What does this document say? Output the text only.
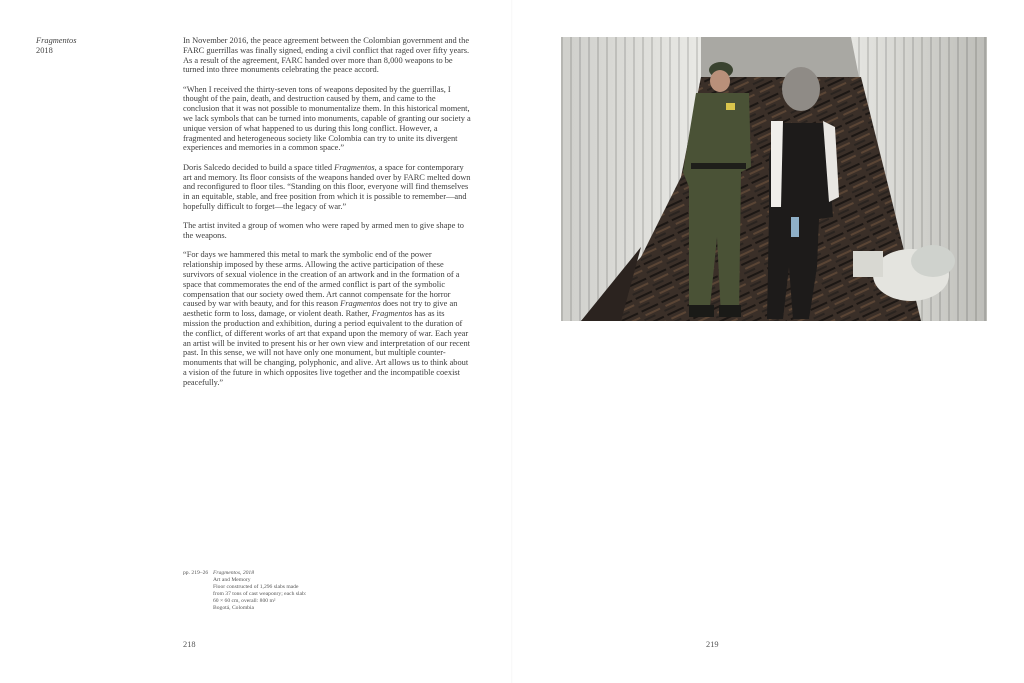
Fragmentos
2018

In November 2016, the peace agreement between the Colombian government and the FARC guerrillas was finally signed, ending a civil conflict that raged over fifty years. As a result of the agreement, FARC handed over more than 8,000 weapons to be turned into three monuments celebrating the peace accord.

“When I received the thirty-seven tons of weapons deposited by the guerrillas, I thought of the pain, death, and destruction caused by them, and came to the conclusion that it was not possible to monumentalize them. In this historical moment, we lack symbols that can be turned into monuments, capable of granting our society a unique version of what happened to us during this long conflict. However, a fragmented and heterogeneous society like Colombia can try to unite its divergent experiences and memories in a common space.”

Doris Salcedo decided to build a space titled Fragmentos, a space for contemporary art and memory. Its floor consists of the weapons handed over by FARC melted down and reconfigured to floor tiles. “Standing on this floor, everyone will find themselves in an equitable, stable, and free position from which it is possible to remember—and hopefully difficult to forget—the legacy of war.”

The artist invited a group of women who were raped by armed men to give shape to the weapons.

“For days we hammered this metal to mark the symbolic end of the power relationship imposed by these arms. Allowing the active participation of these survivors of sexual violence in the creation of an artwork and in the formation of a space that commemorates the end of the armed conflict is part of the symbolic compensation that our society owed them. Art cannot compensate for the horror caused by war with beauty, and for this reason Fragmentos does not try to give an aesthetic form to loss, damage, or violent death. Rather, Fragmentos has as its mission the production and exhibition, during a period equivalent to the duration of the conflict, of different works of art that expand upon the memory of war. Each year an artist will be invited to present his or her own view and interpretation of our recent past. In this sense, we will not have only one monument, but multiple counter-monuments that will be changing, polyphonic, and alive. Art allows us to think about a vision of the future in which opposites live together and the incompatible coexist peacefully.”

pp. 219–26 Fragmentos, 2018
Art and Memory
Floor constructed of 1,296 slabs made
from 37 tons of cast weaponry; each slab:
60 × 60 cm, overall: 800 m²
Bogotá, Colombia
218	219
